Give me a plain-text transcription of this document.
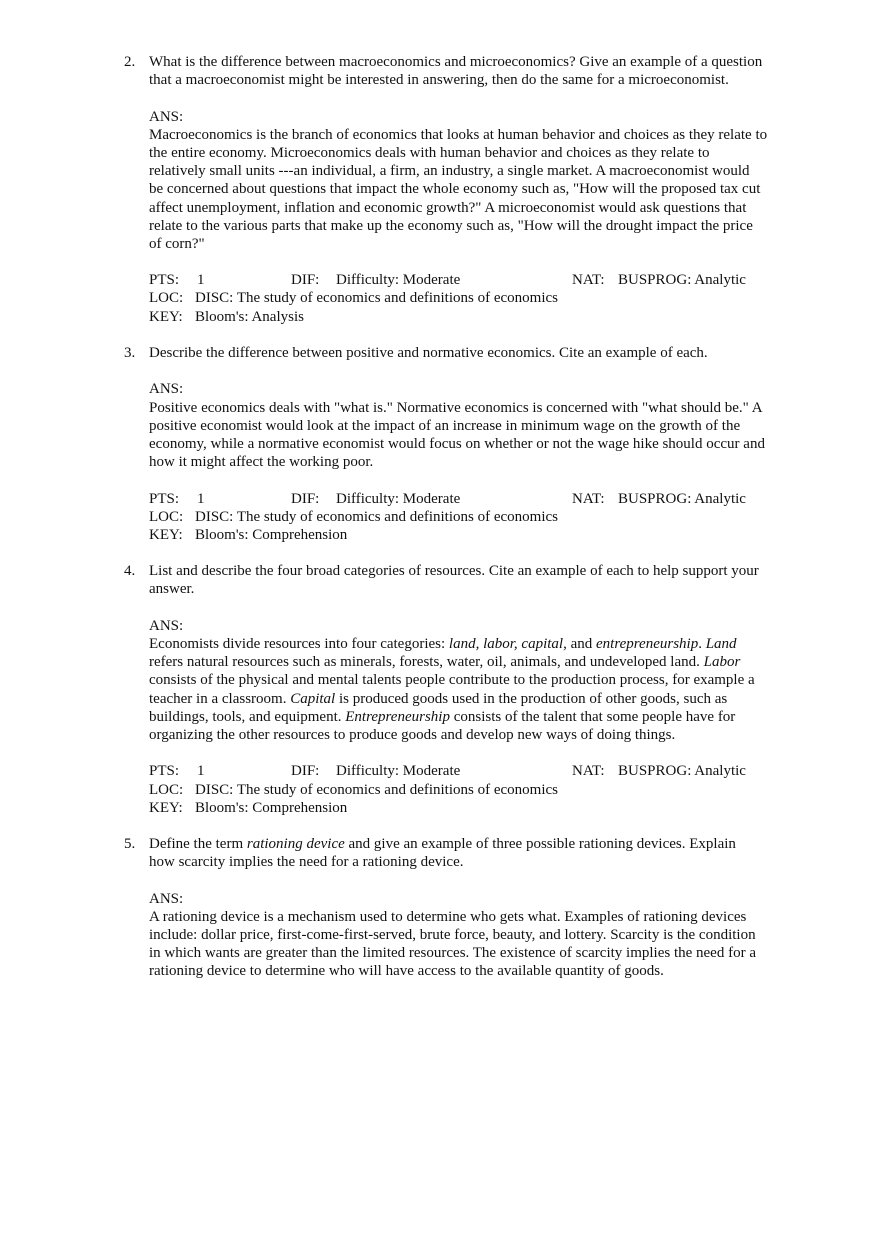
2. What is the difference between macroeconomics and microeconomics? Give an example of a question
that a macroeconomist might be interested in answering, then do the same for a microeconomist.
ANS:
Macroeconomics is the branch of economics that looks at human behavior and choices as they relate to
the entire economy. Microeconomics deals with human behavior and choices as they relate to
relatively small units ---an individual, a firm, an industry, a single market. A macroeconomist would
be concerned about questions that impact the whole economy such as, "How will the proposed tax cut
affect unemployment, inflation and economic growth?" A microeconomist would ask questions that
relate to the various parts that make up the economy such as, "How will the drought impact the price
of corn?"
PTS: 1	DIF: Difficulty: Moderate	NAT: BUSPROG: Analytic
LOC: DISC: The study of economics and definitions of economics
KEY: Bloom's: Analysis
3. Describe the difference between positive and normative economics. Cite an example of each.
ANS:
Positive economics deals with "what is." Normative economics is concerned with "what should be." A
positive economist would look at the impact of an increase in minimum wage on the growth of the
economy, while a normative economist would focus on whether or not the wage hike should occur and
how it might affect the working poor.
PTS: 1	DIF: Difficulty: Moderate	NAT: BUSPROG: Analytic
LOC: DISC: The study of economics and definitions of economics
KEY: Bloom's: Comprehension
4. List and describe the four broad categories of resources. Cite an example of each to help support your
answer.
ANS:
Economists divide resources into four categories: land, labor, capital, and entrepreneurship. Land
refers natural resources such as minerals, forests, water, oil, animals, and undeveloped land. Labor
consists of the physical and mental talents people contribute to the production process, for example a
teacher in a classroom. Capital is produced goods used in the production of other goods, such as
buildings, tools, and equipment. Entrepreneurship consists of the talent that some people have for
organizing the other resources to produce goods and develop new ways of doing things.
PTS: 1	DIF: Difficulty: Moderate	NAT: BUSPROG: Analytic
LOC: DISC: The study of economics and definitions of economics
KEY: Bloom's: Comprehension
5. Define the term rationing device and give an example of three possible rationing devices. Explain
how scarcity implies the need for a rationing device.
ANS:
A rationing device is a mechanism used to determine who gets what. Examples of rationing devices
include: dollar price, first-come-first-served, brute force, beauty, and lottery. Scarcity is the condition
in which wants are greater than the limited resources. The existence of scarcity implies the need for a
rationing device to determine who will have access to the available quantity of goods.
